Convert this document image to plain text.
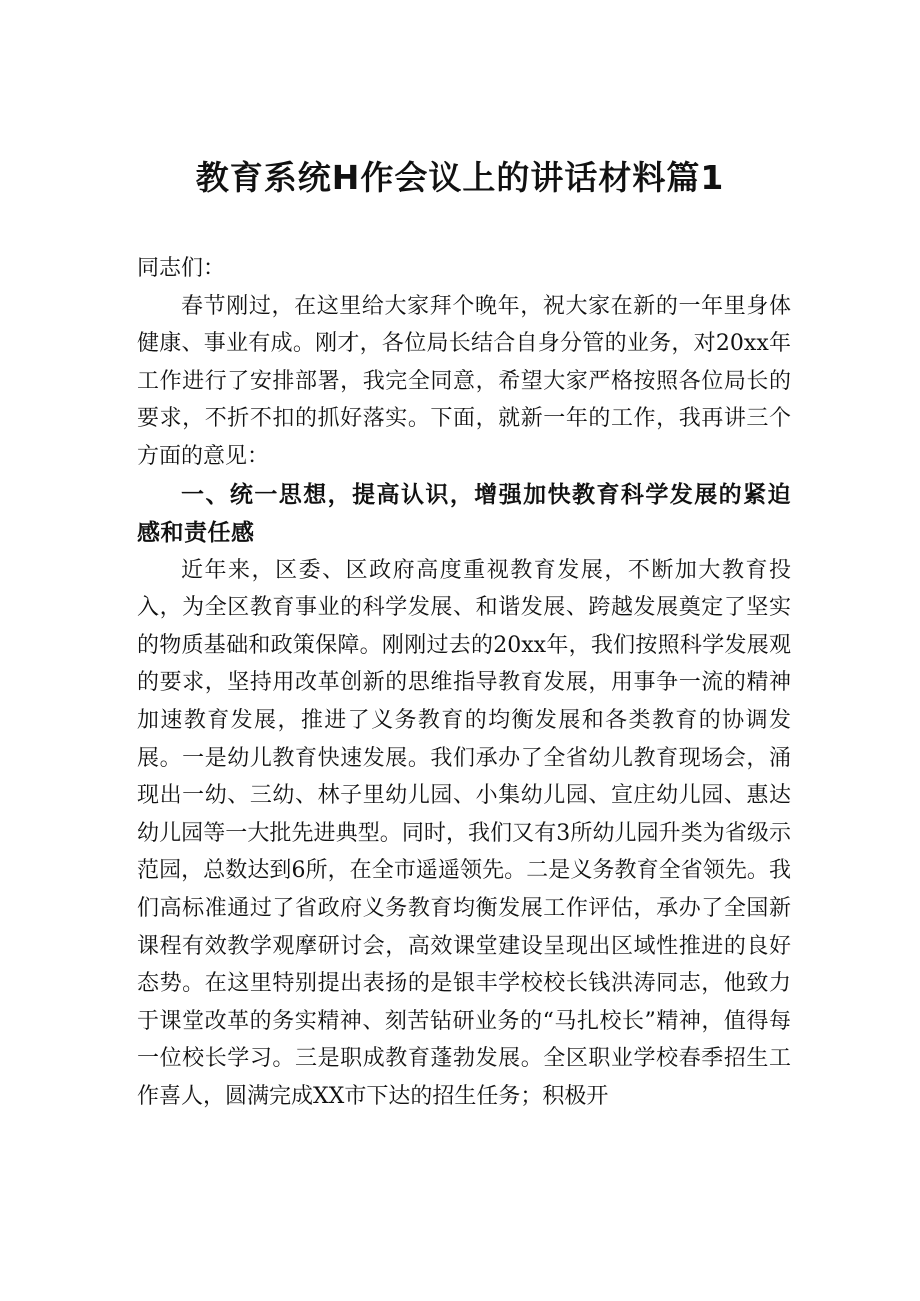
教育系统H作会议上的讲话材料篇1

同志们：

春节刚过，在这里给大家拜个晚年，祝大家在新的一年里身体健康、事业有成。刚才，各位局长结合自身分管的业务，对20xx年工作进行了安排部署，我完全同意，希望大家严格按照各位局长的要求，不折不扣的抓好落实。下面，就新一年的工作，我再讲三个方面的意见：

一、统一思想，提高认识，增强加快教育科学发展的紧迫感和责任感

近年来，区委、区政府高度重视教育发展，不断加大教育投入，为全区教育事业的科学发展、和谐发展、跨越发展奠定了坚实的物质基础和政策保障。刚刚过去的20xx年，我们按照科学发展观的要求，坚持用改革创新的思维指导教育发展，用事争一流的精神加速教育发展，推进了义务教育的均衡发展和各类教育的协调发展。一是幼儿教育快速发展。我们承办了全省幼儿教育现场会，涌现出一幼、三幼、林子里幼儿园、小集幼儿园、宣庄幼儿园、惠达幼儿园等一大批先进典型。同时，我们又有3所幼儿园升类为省级示范园，总数达到6所，在全市遥遥领先。二是义务教育全省领先。我们高标准通过了省政府义务教育均衡发展工作评估，承办了全国新课程有效教学观摩研讨会，高效课堂建设呈现出区域性推进的良好态势。在这里特别提出表扬的是银丰学校校长钱洪涛同志，他致力于课堂改革的务实精神、刻苦钻研业务的“马扎校长”精神，值得每一位校长学习。三是职成教育蓬勃发展。全区职业学校春季招生工作喜人，圆满完成XX市下达的招生任务；积极开
